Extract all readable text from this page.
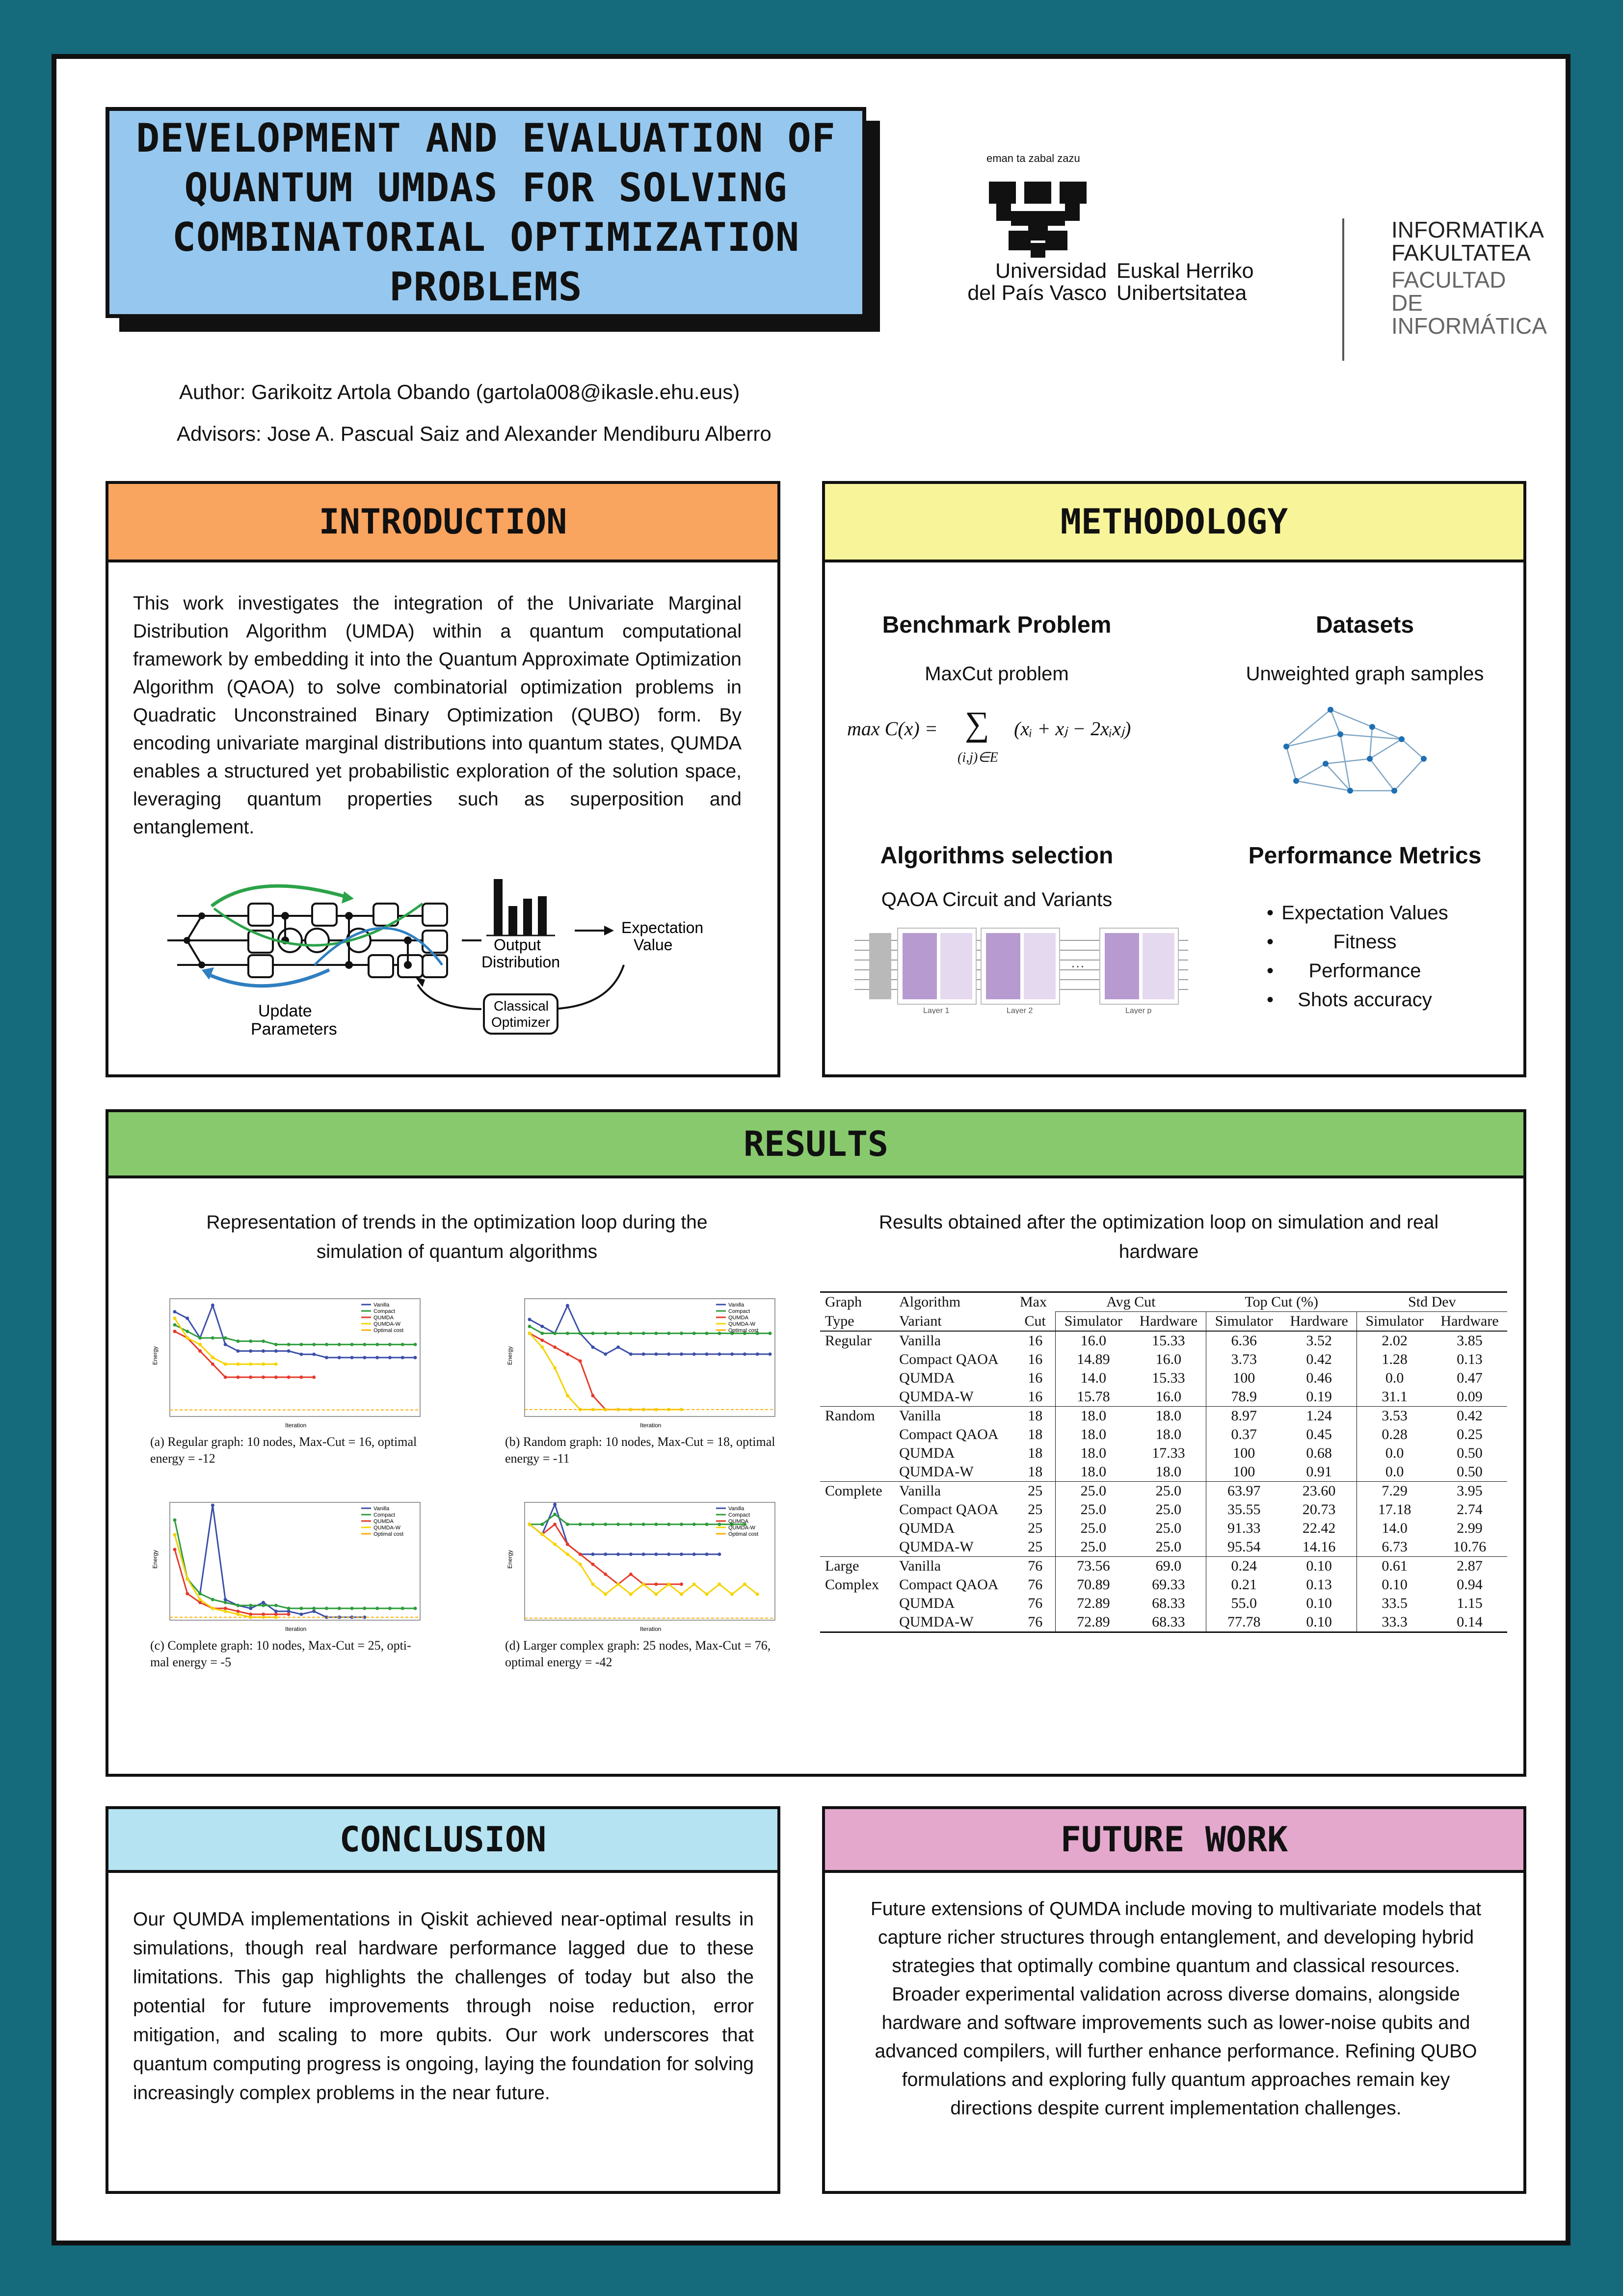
DEVELOPMENT AND EVALUATION OF QUANTUM UMDAS FOR SOLVING COMBINATORIAL OPTIMIZATION PROBLEMS
eman ta zabal zazu
Universidad
del País Vasco
Euskal Herriko
Unibertsitatea
INFORMATIKA
FAKULTATEA
FACULTAD
DE INFORMÁTICA
Author: Garikoitz Artola Obando (gartola008@ikasle.ehu.eus)
Advisors: Jose A. Pascual Saiz and Alexander Mendiburu Alberro
INTRODUCTION
This work investigates the integration of the Univariate Marginal Distribution Algorithm (UMDA) within a quantum computational framework by embedding it into the Quantum Approximate Optimization Algorithm (QAOA) to solve combinatorial optimization problems in Quadratic Unconstrained Binary Optimization (QUBO) form. By encoding univariate marginal distributions into quantum states, QUMDA enables a structured yet probabilistic exploration of the solution space, leveraging quantum properties such as superposition and entanglement.
Output
Distribution
Expectation
Value
Update
Parameters
Classical
Optimizer
METHODOLOGY
Benchmark Problem
MaxCut problem
max C(x) = ∑
(i,j)∈E
(xᵢ + xⱼ − 2xᵢxⱼ)
Datasets
Unweighted graph samples
Algorithms selection
QAOA Circuit and Variants
…
Layer 1	Layer 2	Layer p
Performance Metrics
• Expectation Values
•	Fitness
• Performance
• Shots accuracy
RESULTS
Representation of trends in the optimization loop during the simulation of quantum algorithms
Results obtained after the optimization loop on simulation and real hardware
Vanilla
Compact
QUMDA
QUMDA-W
Optimal cost
Iteration
Energy
(a) Regular graph: 10 nodes, Max-Cut = 16, optimal
energy = -12
Vanilla
Compact
QUMDA
QUMDA-W
Optimal cost
Iteration
Energy
(b) Random graph: 10 nodes, Max-Cut = 18, optimal
energy = -11
Vanilla
Compact
QUMDA
QUMDA-W
Optimal cost
Iteration
Energy
(c) Complete graph: 10 nodes, Max-Cut = 25, opti-
mal energy = -5
Vanilla
Compact
QUMDA
QUMDA-W
Optimal cost
Iteration
Energy
(d) Larger complex graph: 25 nodes, Max-Cut = 76,
optimal energy = -42
Graph	Algorithm	Max	Avg Cut		Top Cut (%)		Std Dev	
Type	Variant	Cut	Simulator	Hardware	Simulator	Hardware	Simulator	Hardware
Regular	Vanilla	16	16.0	15.33	6.36	3.52	2.02	3.85
	Compact QAOA	16	14.89	16.0	3.73	0.42	1.28	0.13
	QUMDA	16	14.0	15.33	100	0.46	0.0	0.47
	QUMDA-W	16	15.78	16.0	78.9	0.19	31.1	0.09
Random	Vanilla	18	18.0	18.0	8.97	1.24	3.53	0.42
	Compact QAOA	18	18.0	18.0	0.37	0.45	0.28	0.25
	QUMDA	18	18.0	17.33	100	0.68	0.0	0.50
	QUMDA-W	18	18.0	18.0	100	0.91	0.0	0.50
Complete	Vanilla	25	25.0	25.0	63.97	23.60	7.29	3.95
	Compact QAOA	25	25.0	25.0	35.55	20.73	17.18	2.74
	QUMDA	25	25.0	25.0	91.33	22.42	14.0	2.99
	QUMDA-W	25	25.0	25.0	95.54	14.16	6.73	10.76
Large	Vanilla	76	73.56	69.0	0.24	0.10	0.61	2.87
Complex	Compact QAOA	76	70.89	69.33	0.21	0.13	0.10	0.94
	QUMDA	76	72.89	68.33	55.0	0.10	33.5	1.15
	QUMDA-W	76	72.89	68.33	77.78	0.10	33.3	0.14
CONCLUSION
Our QUMDA implementations in Qiskit achieved near-optimal results in simulations, though real hardware performance lagged due to these limitations. This gap highlights the challenges of today but also the potential for future improvements through noise reduction, error mitigation, and scaling to more qubits. Our work underscores that quantum computing progress is ongoing, laying the foundation for solving increasingly complex problems in the near future.
FUTURE WORK
Future extensions of QUMDA include moving to multivariate models that capture richer structures through entanglement, and developing hybrid strategies that optimally combine quantum and classical resources. Broader experimental validation across diverse domains, alongside hardware and software improvements such as lower-noise qubits and advanced compilers, will further enhance performance. Refining QUBO formulations and exploring fully quantum approaches remain key directions despite current implementation challenges.
